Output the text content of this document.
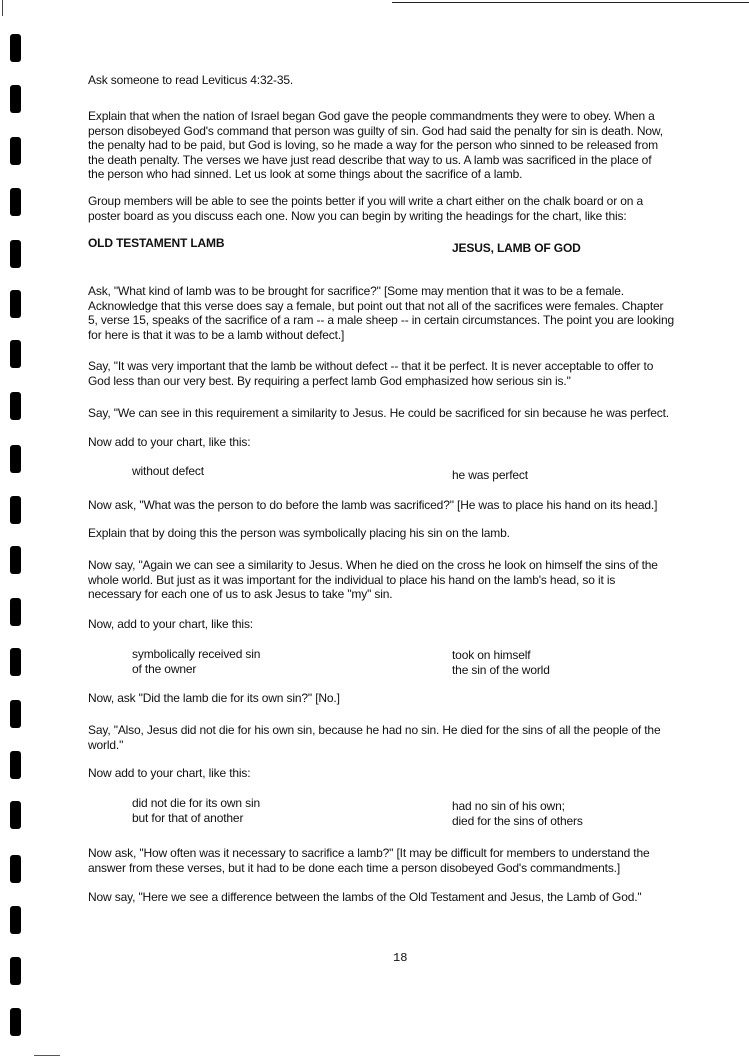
Ask someone to read Leviticus 4:32-35.
Explain that when the nation of Israel began God gave the people commandments they were to obey. When a
person disobeyed God's command that person was guilty of sin. God had said the penalty for sin is death. Now,
the penalty had to be paid, but God is loving, so he made a way for the person who sinned to be released from
the death penalty. The verses we have just read describe that way to us. A lamb was sacrificed in the place of
the person who had sinned. Let us look at some things about the sacrifice of a lamb.
Group members will be able to see the points better if you will write a chart either on the chalk board or on a
poster board as you discuss each one. Now you can begin by writing the headings for the chart, like this:
OLD TESTAMENT LAMB	JESUS, LAMB OF GOD
Ask, "What kind of lamb was to be brought for sacrifice?" [Some may mention that it was to be a female.
Acknowledge that this verse does say a female, but point out that not all of the sacrifices were females. Chapter
5, verse 15, speaks of the sacrifice of a ram -- a male sheep -- in certain circumstances. The point you are looking
for here is that it was to be a lamb without defect.]
Say, "It was very important that the lamb be without defect -- that it be perfect. It is never acceptable to offer to
God less than our very best. By requiring a perfect lamb God emphasized how serious sin is."
Say, "We can see in this requirement a similarity to Jesus. He could be sacrificed for sin because he was perfect.
Now add to your chart, like this:
without defect	he was perfect
Now ask, "What was the person to do before the lamb was sacrificed?" [He was to place his hand on its head.]
Explain that by doing this the person was symbolically placing his sin on the lamb.
Now say, "Again we can see a similarity to Jesus. When he died on the cross he look on himself the sins of the
whole world. But just as it was important for the individual to place his hand on the lamb's head, so it is
necessary for each one of us to ask Jesus to take "my" sin.
Now, add to your chart, like this:
symbolically received sin
of the owner
took on himself
the sin of the world
Now, ask "Did the lamb die for its own sin?" [No.]
Say, "Also, Jesus did not die for his own sin, because he had no sin. He died for the sins of all the people of the
world."
Now add to your chart, like this:
did not die for its own sin
but for that of another
had no sin of his own;
died for the sins of others
Now ask, "How often was it necessary to sacrifice a lamb?" [It may be difficult for members to understand the
answer from these verses, but it had to be done each time a person disobeyed God's commandments.]
Now say, "Here we see a difference between the lambs of the Old Testament and Jesus, the Lamb of God."
18
